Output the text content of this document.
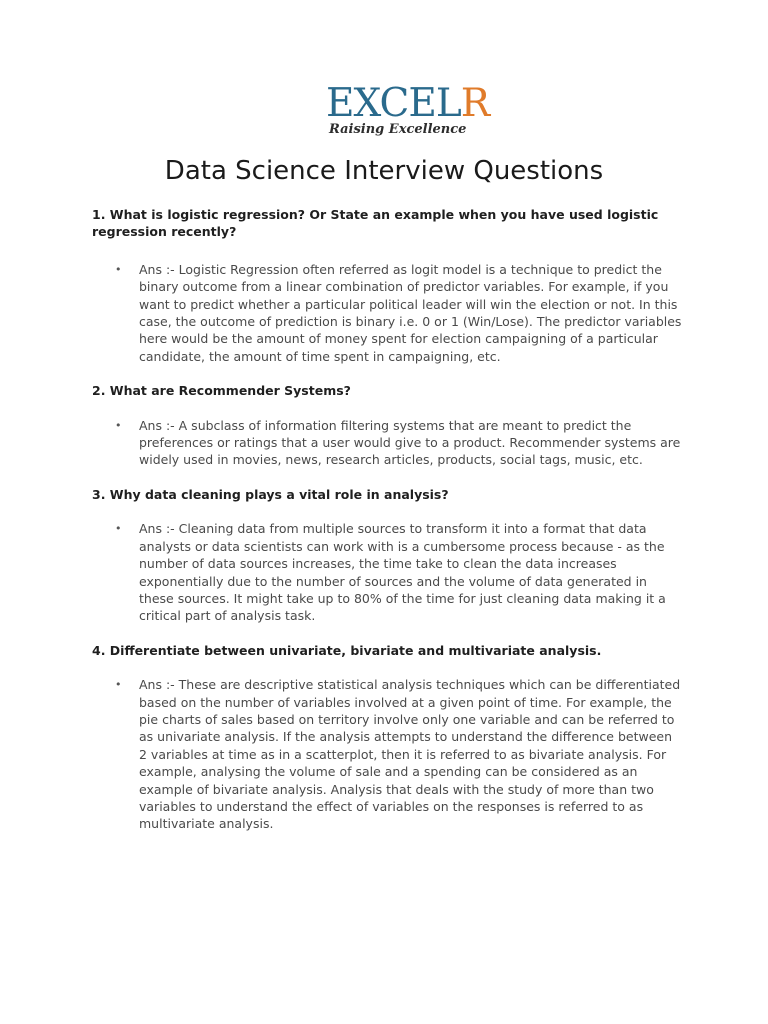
EXCELR
Raising Excellence
Data Science Interview Questions

1. What is logistic regression? Or State an example when you have used logistic regression recently?

• Ans :- Logistic Regression often referred as logit model is a technique to predict the binary outcome from a linear combination of predictor variables. For example, if you want to predict whether a particular political leader will win the election or not. In this case, the outcome of prediction is binary i.e. 0 or 1 (Win/Lose). The predictor variables here would be the amount of money spent for election campaigning of a particular candidate, the amount of time spent in campaigning, etc.

2. What are Recommender Systems?

• Ans :- A subclass of information filtering systems that are meant to predict the preferences or ratings that a user would give to a product. Recommender systems are widely used in movies, news, research articles, products, social tags, music, etc.

3. Why data cleaning plays a vital role in analysis?

• Ans :- Cleaning data from multiple sources to transform it into a format that data analysts or data scientists can work with is a cumbersome process because - as the number of data sources increases, the time take to clean the data increases exponentially due to the number of sources and the volume of data generated in these sources. It might take up to 80% of the time for just cleaning data making it a critical part of analysis task.

4. Differentiate between univariate, bivariate and multivariate analysis.

• Ans :- These are descriptive statistical analysis techniques which can be differentiated based on the number of variables involved at a given point of time. For example, the pie charts of sales based on territory involve only one variable and can be referred to as univariate analysis. If the analysis attempts to understand the difference between 2 variables at time as in a scatterplot, then it is referred to as bivariate analysis. For example, analysing the volume of sale and a spending can be considered as an example of bivariate analysis. Analysis that deals with the study of more than two variables to understand the effect of variables on the responses is referred to as multivariate analysis.
